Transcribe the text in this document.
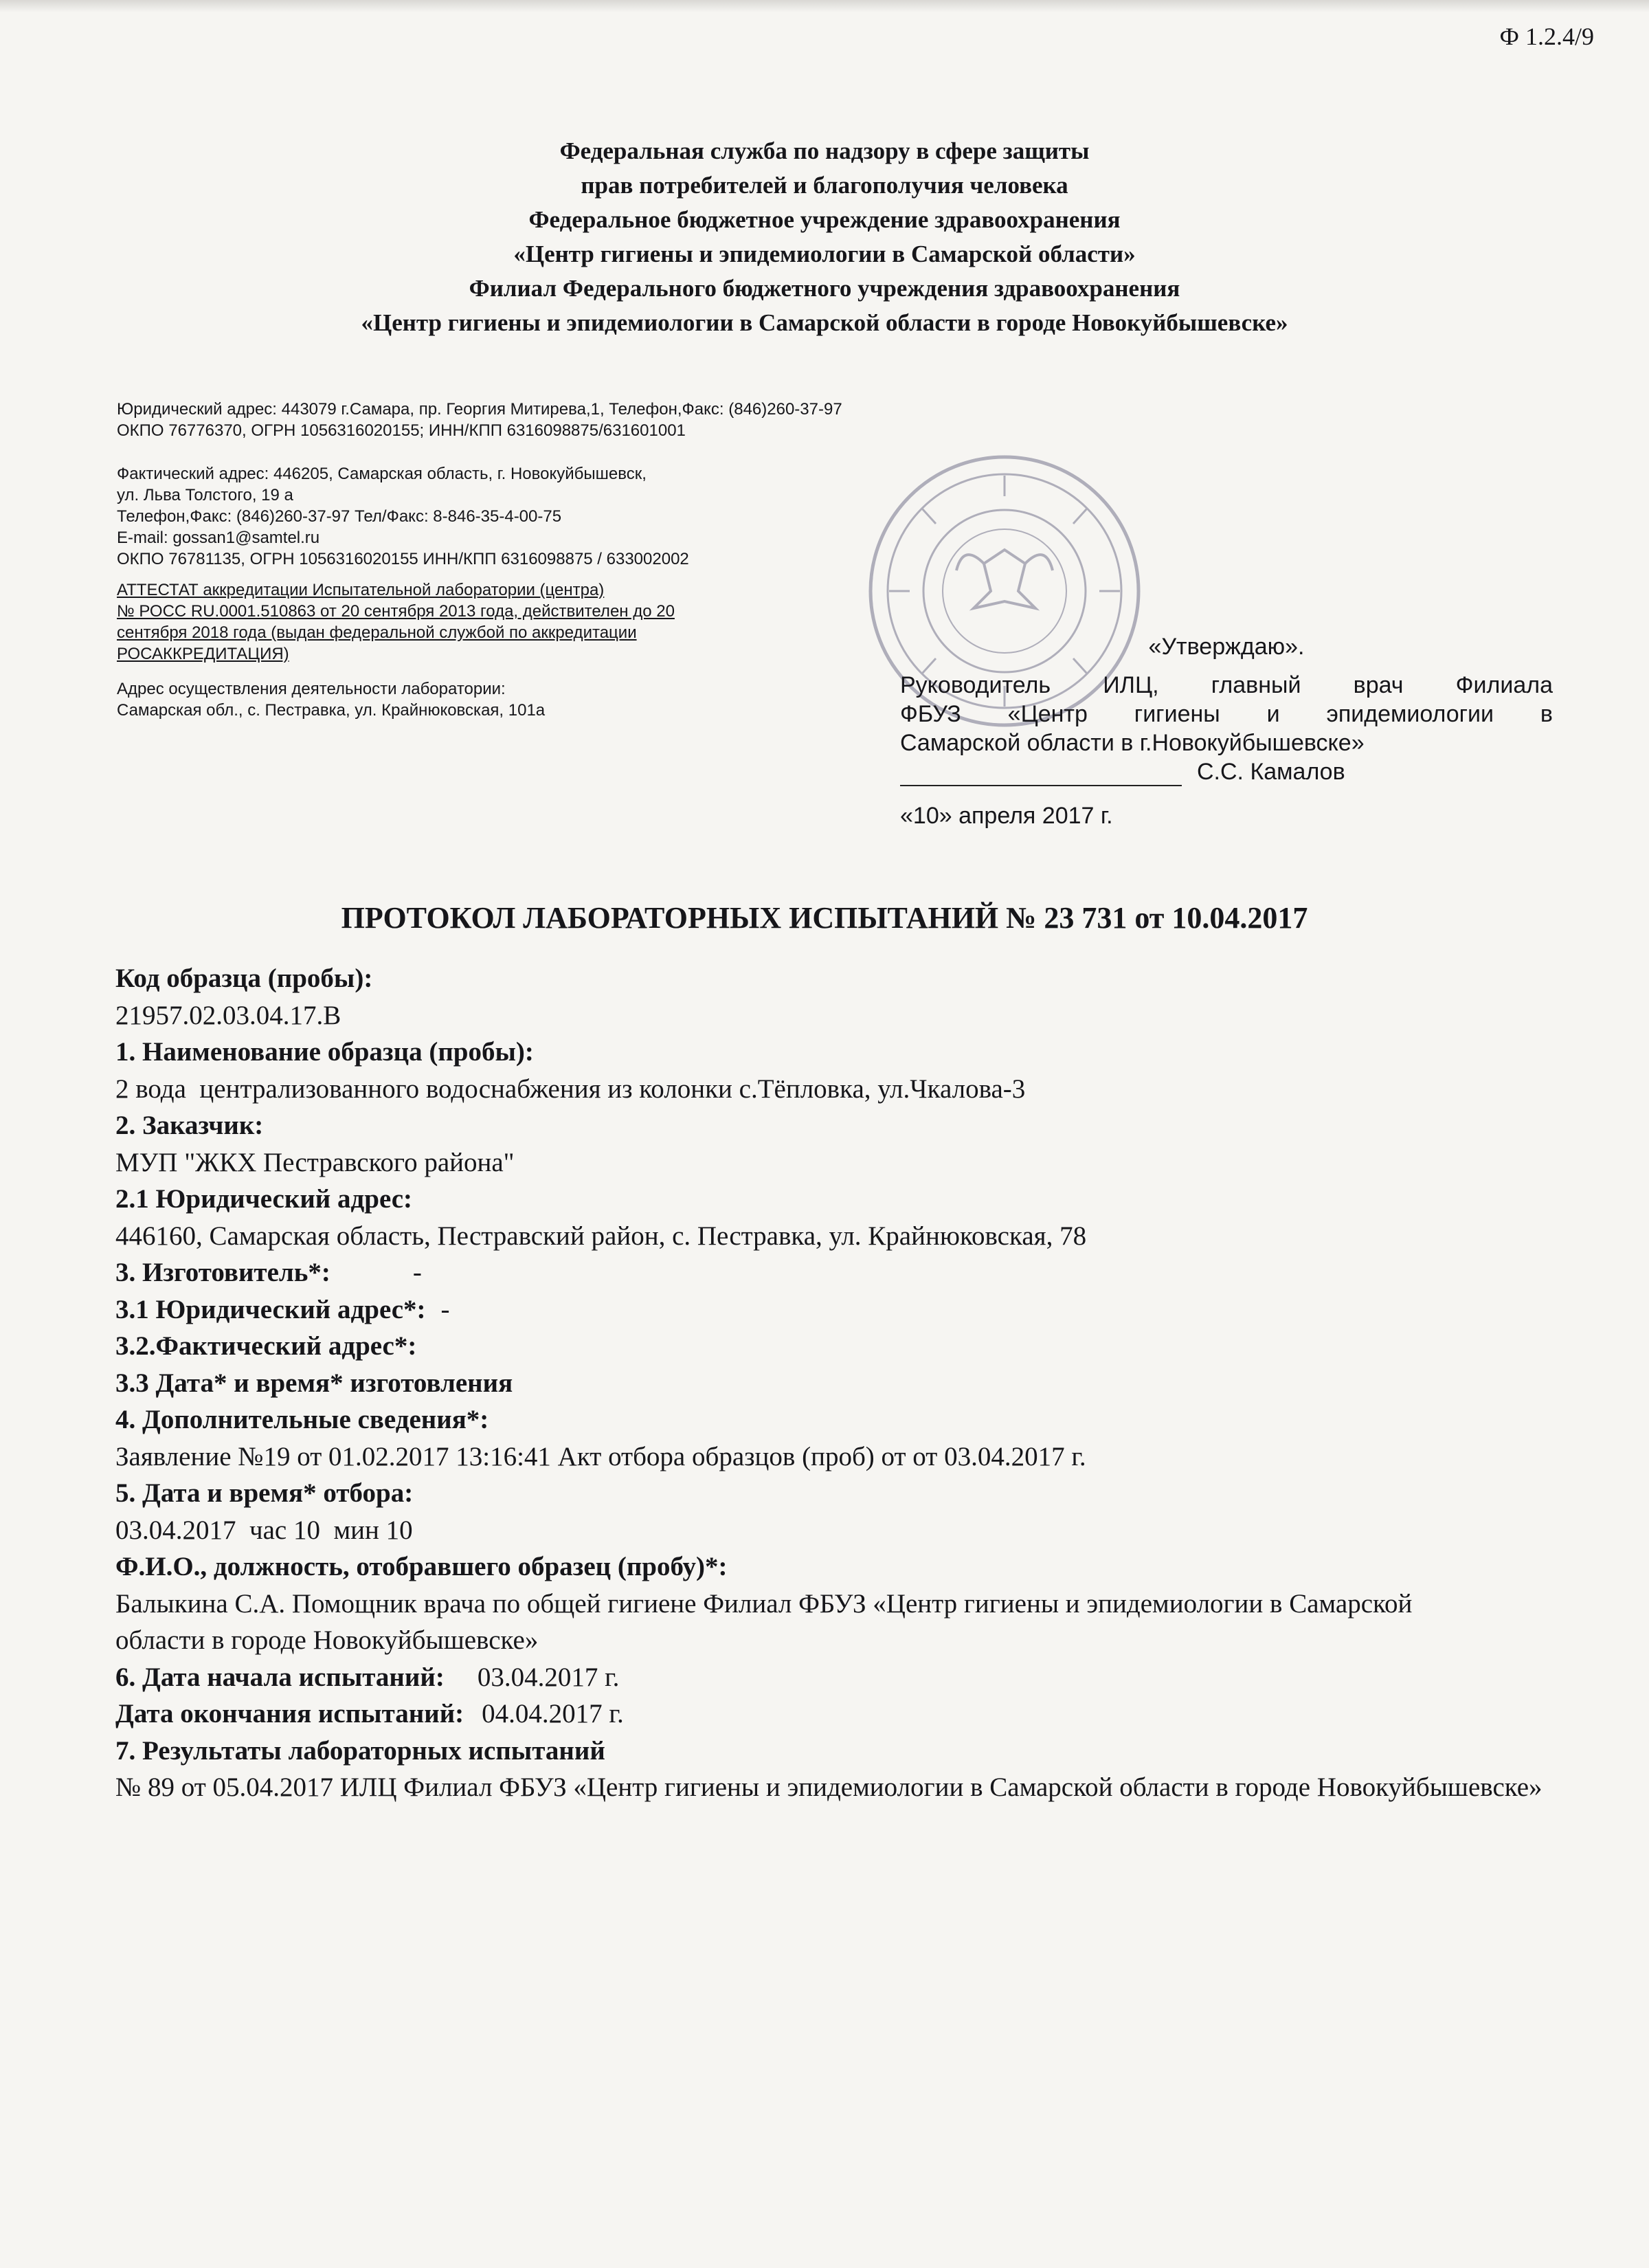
Ф 1.2.4/9
Федеральная служба по надзору в сфере защиты
прав потребителей и благополучия человека
Федеральное бюджетное учреждение здравоохранения
«Центр гигиены и эпидемиологии в Самарской области»
Филиал Федерального бюджетного учреждения здравоохранения
«Центр гигиены и эпидемиологии в Самарской области в городе Новокуйбышевске»
Юридический адрес: 443079 г.Самара, пр. Георгия Митирева,1, Телефон,Факс: (846)260-37-97
ОКПО 76776370, ОГРН 1056316020155; ИНН/КПП 6316098875/631601001
Фактический адрес: 446205, Самарская область, г. Новокуйбышевск,
ул. Льва Толстого, 19 а
Телефон,Факс: (846)260-37-97 Тел/Факс: 8-846-35-4-00-75
E-mail: gossan1@samtel.ru
ОКПО 76781135, ОГРН 1056316020155 ИНН/КПП 6316098875 / 633002002
АТТЕСТАТ аккредитации Испытательной лаборатории (центра)
№ РОСС RU.0001.510863 от 20 сентября 2013 года, действителен до 20
сентября 2018 года (выдан федеральной службой по аккредитации
РОСАККРЕДИТАЦИЯ)
Адрес осуществления деятельности лаборатории:
Самарская обл., с. Пестравка, ул. Крайнюковская, 101а
«Утверждаю».
Руководитель ИЛЦ, главный врач Филиала
ФБУЗ «Центр гигиены и эпидемиологии в
Самарской области в г.Новокуйбышевске»
С.С. Камалов
«10» апреля 2017 г.
ПРОТОКОЛ ЛАБОРАТОРНЫХ ИСПЫТАНИЙ № 23 731 от 10.04.2017
Код образца (пробы):
21957.02.03.04.17.В
1. Наименование образца (пробы):
2 вода  централизованного водоснабжения из колонки с.Тёпловка, ул.Чкалова-3
2. Заказчик:
МУП "ЖКХ Пестравского района"
2.1 Юридический адрес:
446160, Самарская область, Пестравский район, с. Пестравка, ул. Крайнюковская, 78
3. Изготовитель*:	-
3.1 Юридический адрес*: -
3.2.Фактический адрес*:
3.3 Дата* и время* изготовления
4. Дополнительные сведения*:
Заявление №19 от 01.02.2017 13:16:41 Акт отбора образцов (проб) от от 03.04.2017 г.
5. Дата и время* отбора:
03.04.2017  час 10  мин 10
Ф.И.О., должность, отобравшего образец (пробу)*:
Балыкина С.А. Помощник врача по общей гигиене Филиал ФБУЗ «Центр гигиены и эпидемиологии в Самарской области в городе Новокуйбышевске»
6. Дата начала испытаний: 03.04.2017 г.
Дата окончания испытаний: 04.04.2017 г.
7. Результаты лабораторных испытаний
№ 89 от 05.04.2017 ИЛЦ Филиал ФБУЗ «Центр гигиены и эпидемиологии в Самарской области в городе Новокуйбышевске»
